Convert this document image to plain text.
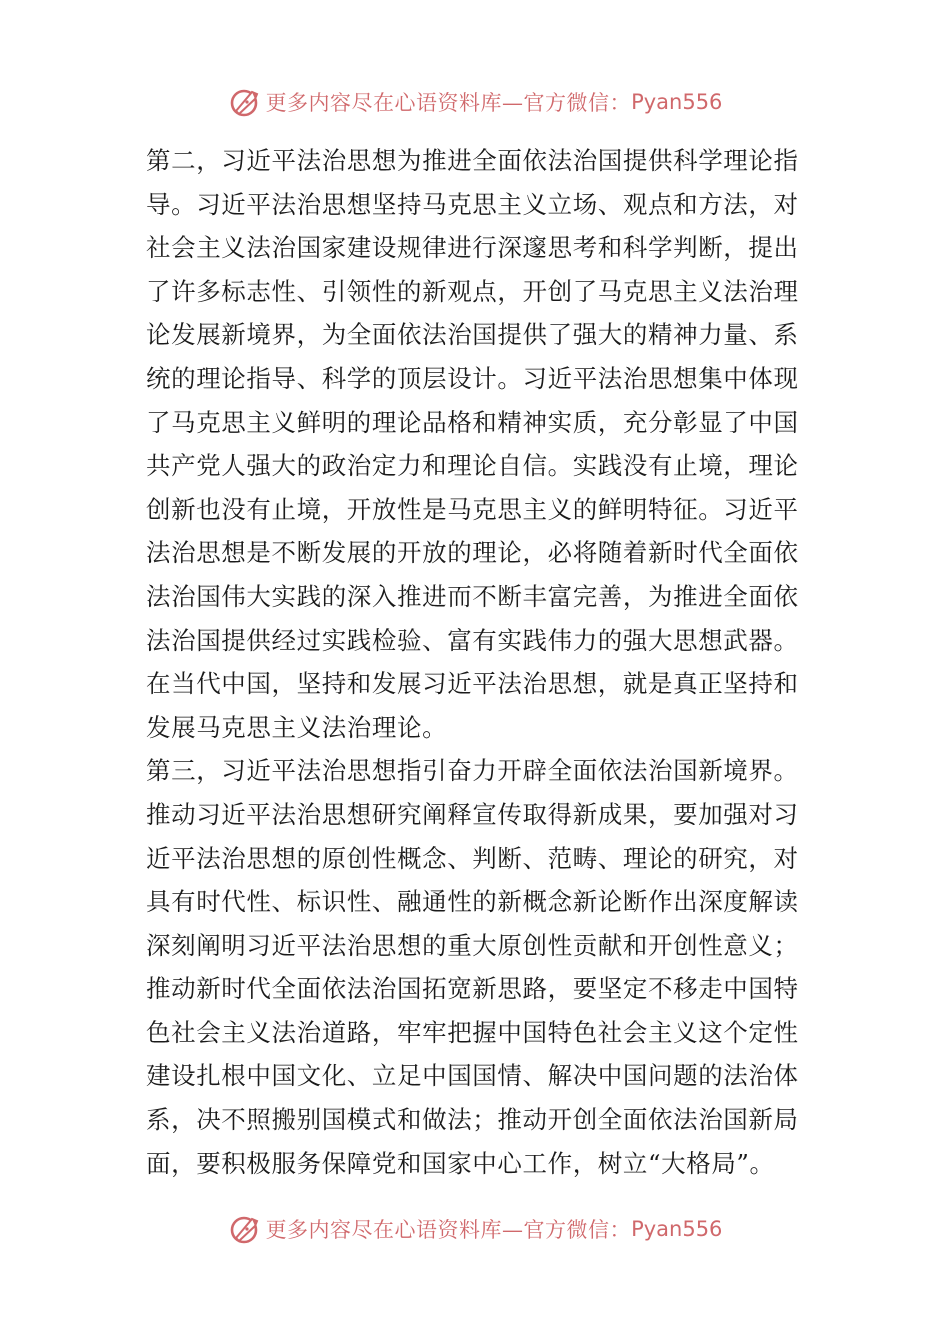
更多内容尽在心语资料库—官方微信： Pyan556
第二，习近平法治思想为推进全面依法治国提供科学理论指
导。习近平法治思想坚持马克思主义立场、观点和方法，对
社会主义法治国家建设规律进行深邃思考和科学判断，提出
了许多标志性、引领性的新观点，开创了马克思主义法治理
论发展新境界，为全面依法治国提供了强大的精神力量、系
统的理论指导、科学的顶层设计。习近平法治思想集中体现
了马克思主义鲜明的理论品格和精神实质，充分彰显了中国
共产党人强大的政治定力和理论自信。实践没有止境，理论
创新也没有止境，开放性是马克思主义的鲜明特征。习近平
法治思想是不断发展的开放的理论，必将随着新时代全面依
法治国伟大实践的深入推进而不断丰富完善，为推进全面依
法治国提供经过实践检验、富有实践伟力的强大思想武器。
在当代中国，坚持和发展习近平法治思想，就是真正坚持和
发展马克思主义法治理论。
第三，习近平法治思想指引奋力开辟全面依法治国新境界。
推动习近平法治思想研究阐释宣传取得新成果，要加强对习
近平法治思想的原创性概念、判断、范畴、理论的研究，对
具有时代性、标识性、融通性的新概念新论断作出深度解读
深刻阐明习近平法治思想的重大原创性贡献和开创性意义；
推动新时代全面依法治国拓宽新思路，要坚定不移走中国特
色社会主义法治道路，牢牢把握中国特色社会主义这个定性
建设扎根中国文化、立足中国国情、解决中国问题的法治体
系，决不照搬别国模式和做法；推动开创全面依法治国新局
面，要积极服务保障党和国家中心工作，树立“大格局”。
更多内容尽在心语资料库—官方微信： Pyan556
